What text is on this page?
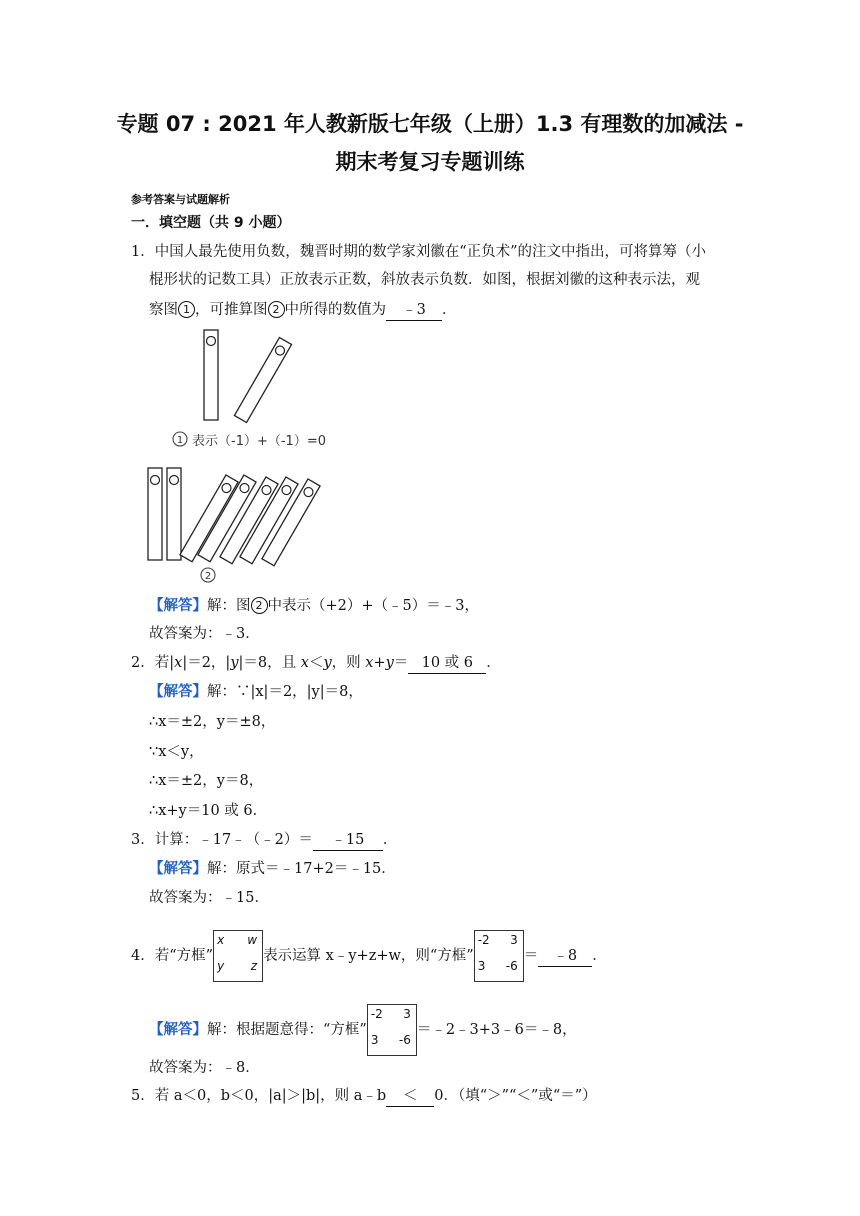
专题 07 : 2021 年人教新版七年级（上册）1.3 有理数的加减法 -
期末考复习专题训练
参考答案与试题解析
一．填空题（共 9 小题）
1．中国人最先使用负数，魏晋时期的数学家刘徽在“正负术”的注文中指出，可将算筹（小
棍形状的记数工具）正放表示正数，斜放表示负数．如图，根据刘徽的这种表示法，观
察图 1 ，可推算图 2 中所得的数值为 ﹣3 ．
1 表示（-1）+（-1）=0
2
【解答】解：图 2 中表示（+2）+（﹣5）＝﹣3，
故答案为：﹣3．
2．若|x|＝2，|y|＝8，且 x＜y，则 x+y＝ 10 或 6 ．
【解答】解：∵|x|＝2，|y|＝8，
∴x＝±2，y＝±8，
∵x＜y，
∴x＝±2，y＝8，
∴x+y＝10 或 6．
3．计算：﹣17﹣（﹣2）＝ ﹣15 ．
【解答】解：原式＝﹣17+2＝﹣15．
故答案为：﹣15．
4．若“方框”
x w
y z
表示运算 x﹣y+z+w，则“方框”
-2 3
3 -6
＝ ﹣8 ．
【解答】解：根据题意得：“方框”
-2 3
3 -6
＝﹣2﹣3+3﹣6＝﹣8，
故答案为：﹣8．
5．若 a＜0，b＜0，|a|＞|b|，则 a﹣b ＜ 0．（填“＞”“＜”或“＝”）
